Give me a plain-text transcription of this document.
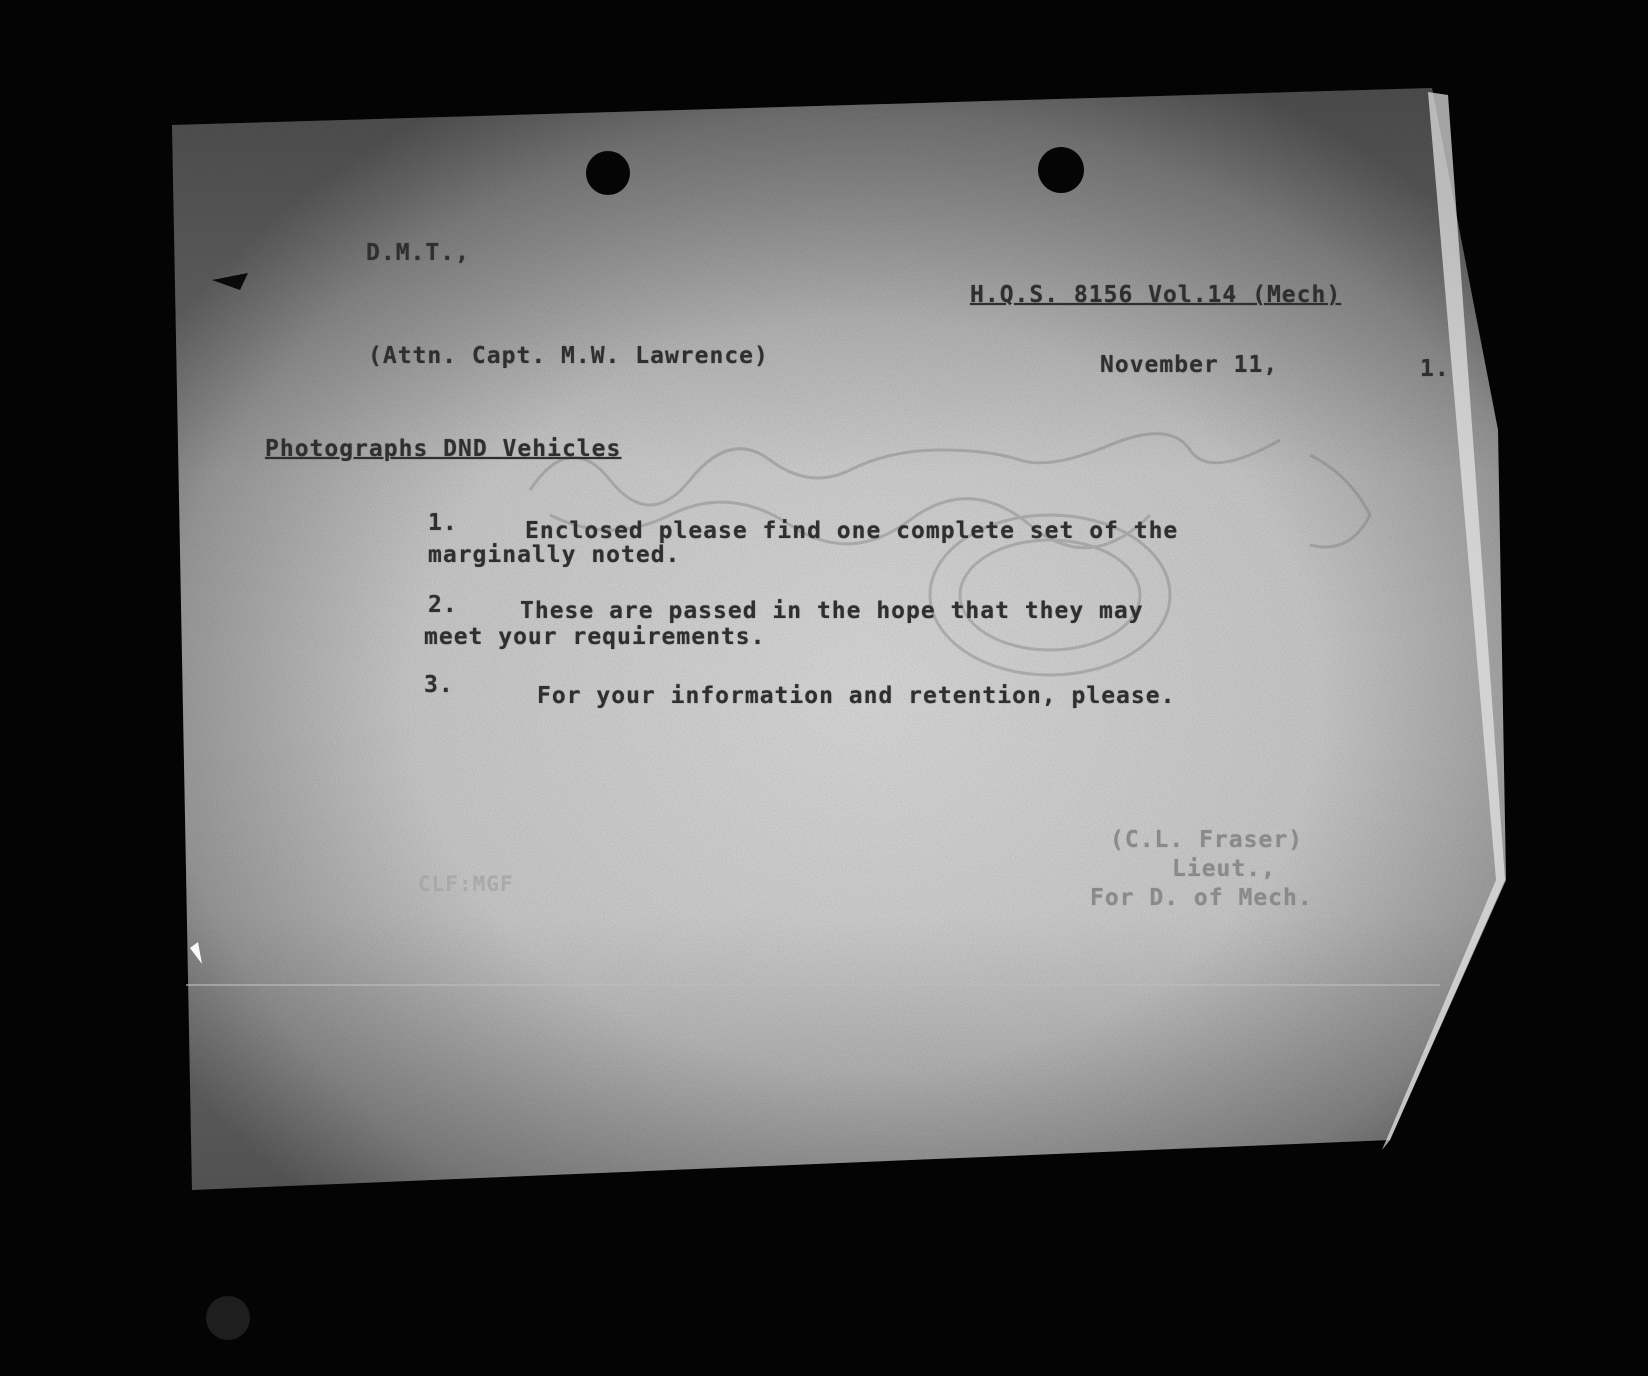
D.M.T.,
H.Q.S. 8156 Vol.14 (Mech)
(Attn. Capt. M.W. Lawrence)	November 11,	1.
Photographs DND Vehicles
1.	Enclosed please find one complete set of the
marginally noted.
2.	These are passed in the hope that they may
meet your requirements.
3.	For your information and retention, please.
CLF:MGF
(C.L. Fraser)
Lieut.,
For D. of Mech.
